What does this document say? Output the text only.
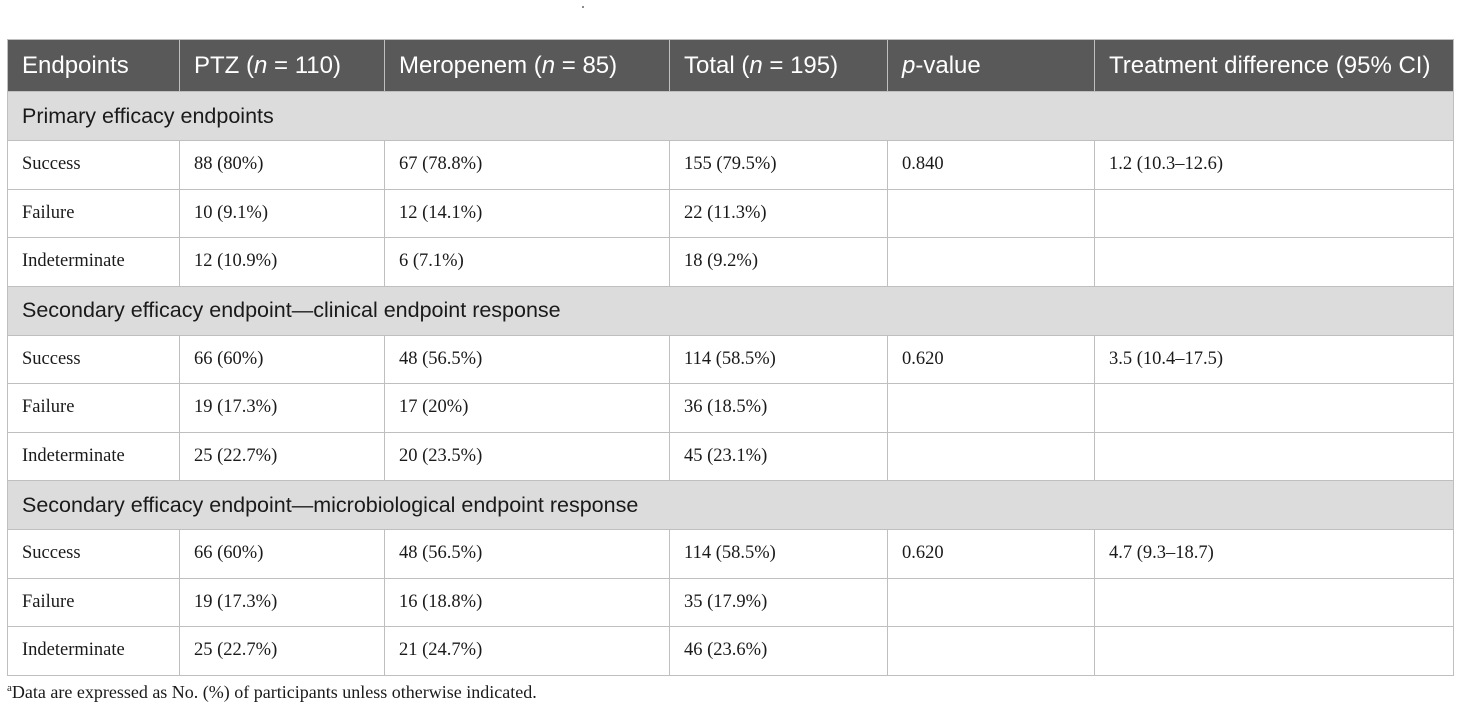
Endpoints	PTZ (n = 110)	Meropenem (n = 85)	Total (n = 195)	p-value	Treatment difference (95% CI)
Primary efficacy endpoints					
Success	88 (80%)	67 (78.8%)	155 (79.5%)	0.840	1.2 (10.3–12.6)
Failure	10 (9.1%)	12 (14.1%)	22 (11.3%)		
Indeterminate	12 (10.9%)	6 (7.1%)	18 (9.2%)		
Secondary efficacy endpoint—clinical endpoint response					
Success	66 (60%)	48 (56.5%)	114 (58.5%)	0.620	3.5 (10.4–17.5)
Failure	19 (17.3%)	17 (20%)	36 (18.5%)		
Indeterminate	25 (22.7%)	20 (23.5%)	45 (23.1%)		
Secondary efficacy endpoint—microbiological endpoint response					
Success	66 (60%)	48 (56.5%)	114 (58.5%)	0.620	4.7 (9.3–18.7)
Failure	19 (17.3%)	16 (18.8%)	35 (17.9%)		
Indeterminate	25 (22.7%)	21 (24.7%)	46 (23.6%)		
$^a$Data are expressed as No. (%) of participants unless otherwise indicated.
